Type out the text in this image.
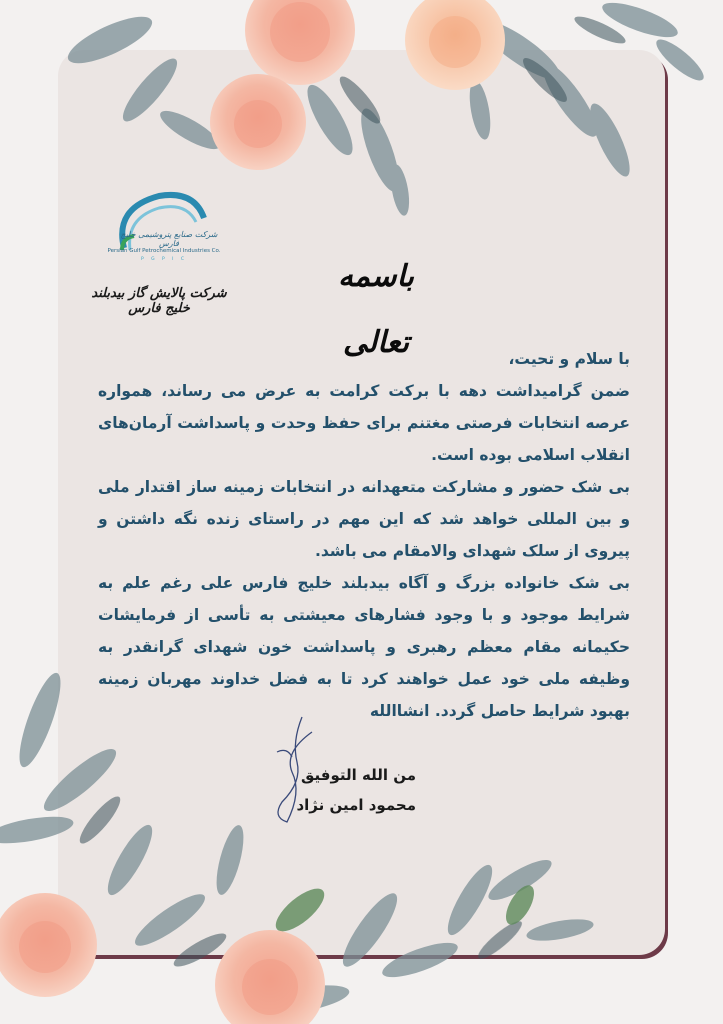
شرکت صنایع پتروشیمی خلیج فارس
Persian Gulf Petrochemical Industries Co.
P G P I C
شرکت پالایش گاز بیدبلند خلیج فارس
باسمه تعالی	با سلام و تحیت،

ضمن گرامیداشت دهه با برکت کرامت به عرض می رساند، همواره عرصه انتخابات فرصتی مغتنم برای حفظ وحدت و پاسداشت آرمان‌های انقلاب اسلامی بوده است.

بی شک حضور و مشارکت متعهدانه در انتخابات زمینه ساز اقتدار ملی و بین المللی خواهد شد که این مهم در راستای زنده نگه داشتن و پیروی از سلک شهدای والامقام می باشد.

بی شک خانواده بزرگ و آگاه بیدبلند خلیج فارس علی رغم علم به شرایط موجود و با وجود فشارهای معیشتی به تأسی از فرمایشات حکیمانه مقام معظم رهبری و پاسداشت خون شهدای گرانقدر به وظیفه ملی خود عمل خواهند کرد تا به فضل خداوند مهربان زمینه بهبود شرایط حاصل گردد. انشاالله

من الله التوفیق
محمود امین نژاد
